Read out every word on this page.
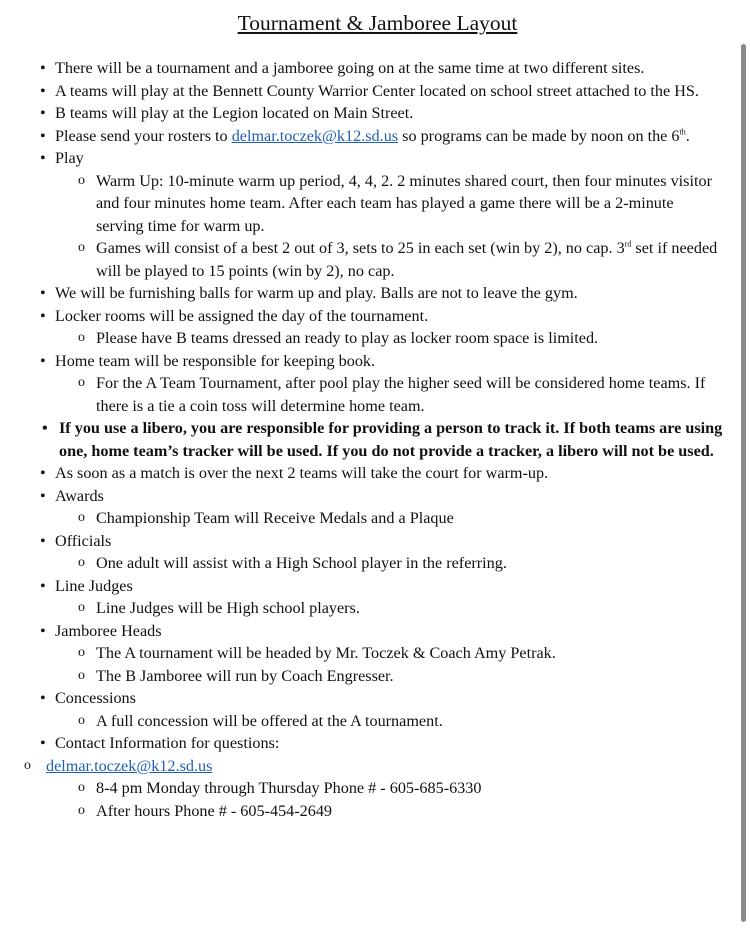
Tournament & Jamboree Layout
• There will be a tournament and a jamboree going on at the same time at two different sites.
• A teams will play at the Bennett County Warrior Center located on school street attached to the HS.
• B teams will play at the Legion located on Main Street.
• Please send your rosters to delmar.toczek@k12.sd.us so programs can be made by noon on the 6th.
• Play
o Warm Up: 10-minute warm up period, 4, 4, 2. 2 minutes shared court, then four minutes visitor and four minutes home team. After each team has played a game there will be a 2-minute serving time for warm up.
o Games will consist of a best 2 out of 3, sets to 25 in each set (win by 2), no cap. 3rd set if needed will be played to 15 points (win by 2), no cap.
• We will be furnishing balls for warm up and play. Balls are not to leave the gym.
• Locker rooms will be assigned the day of the tournament.
o Please have B teams dressed an ready to play as locker room space is limited.
• Home team will be responsible for keeping book.
o For the A Team Tournament, after pool play the higher seed will be considered home teams. If there is a tie a coin toss will determine home team.
• If you use a libero, you are responsible for providing a person to track it. If both teams are using one, home team’s tracker will be used. If you do not provide a tracker, a libero will not be used.
• As soon as a match is over the next 2 teams will take the court for warm-up.
• Awards
o Championship Team will Receive Medals and a Plaque
• Officials
o One adult will assist with a High School player in the referring.
• Line Judges
o Line Judges will be High school players.
• Jamboree Heads
o The A tournament will be headed by Mr. Toczek & Coach Amy Petrak.
o The B Jamboree will run by Coach Engresser.
• Concessions
o A full concession will be offered at the A tournament.
• Contact Information for questions:
o delmar.toczek@k12.sd.us
o 8-4 pm Monday through Thursday Phone # - 605-685-6330
o After hours Phone # - 605-454-2649
